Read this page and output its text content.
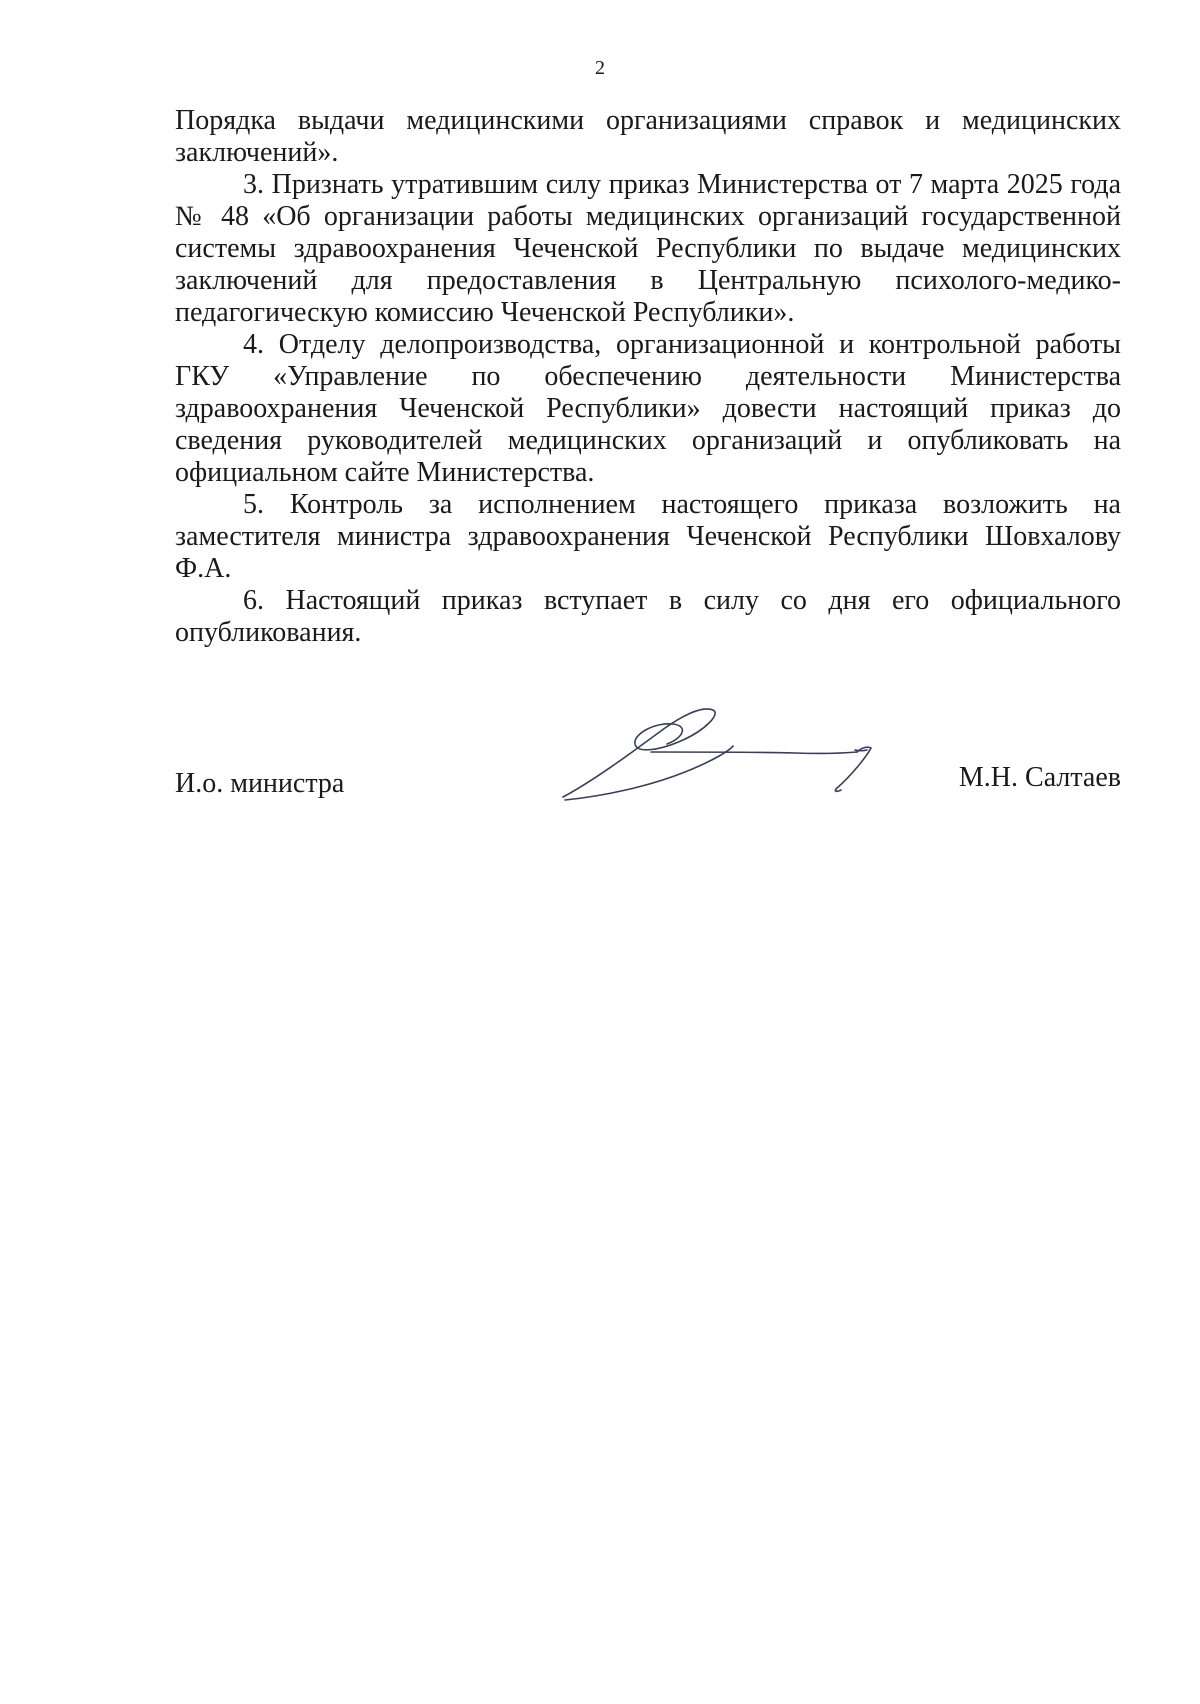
2

Порядка выдачи медицинскими организациями справок и медицинских заключений».

3. Признать утратившим силу приказ Министерства от 7 марта 2025 года № 48 «Об организации работы медицинских организаций государственной системы здравоохранения Чеченской Республики по выдаче медицинских заключений для предоставления в Центральную психолого-медико-педагогическую комиссию Чеченской Республики».

4. Отделу делопроизводства, организационной и контрольной работы ГКУ «Управление по обеспечению деятельности Министерства здравоохранения Чеченской Республики» довести настоящий приказ до сведения руководителей медицинских организаций и опубликовать на официальном сайте Министерства.

5. Контроль за исполнением настоящего приказа возложить на заместителя министра здравоохранения Чеченской Республики Шовхалову Ф.А.

6. Настоящий приказ вступает в силу со дня его официального опубликования.

И.о. министра	М.Н. Салтаев
